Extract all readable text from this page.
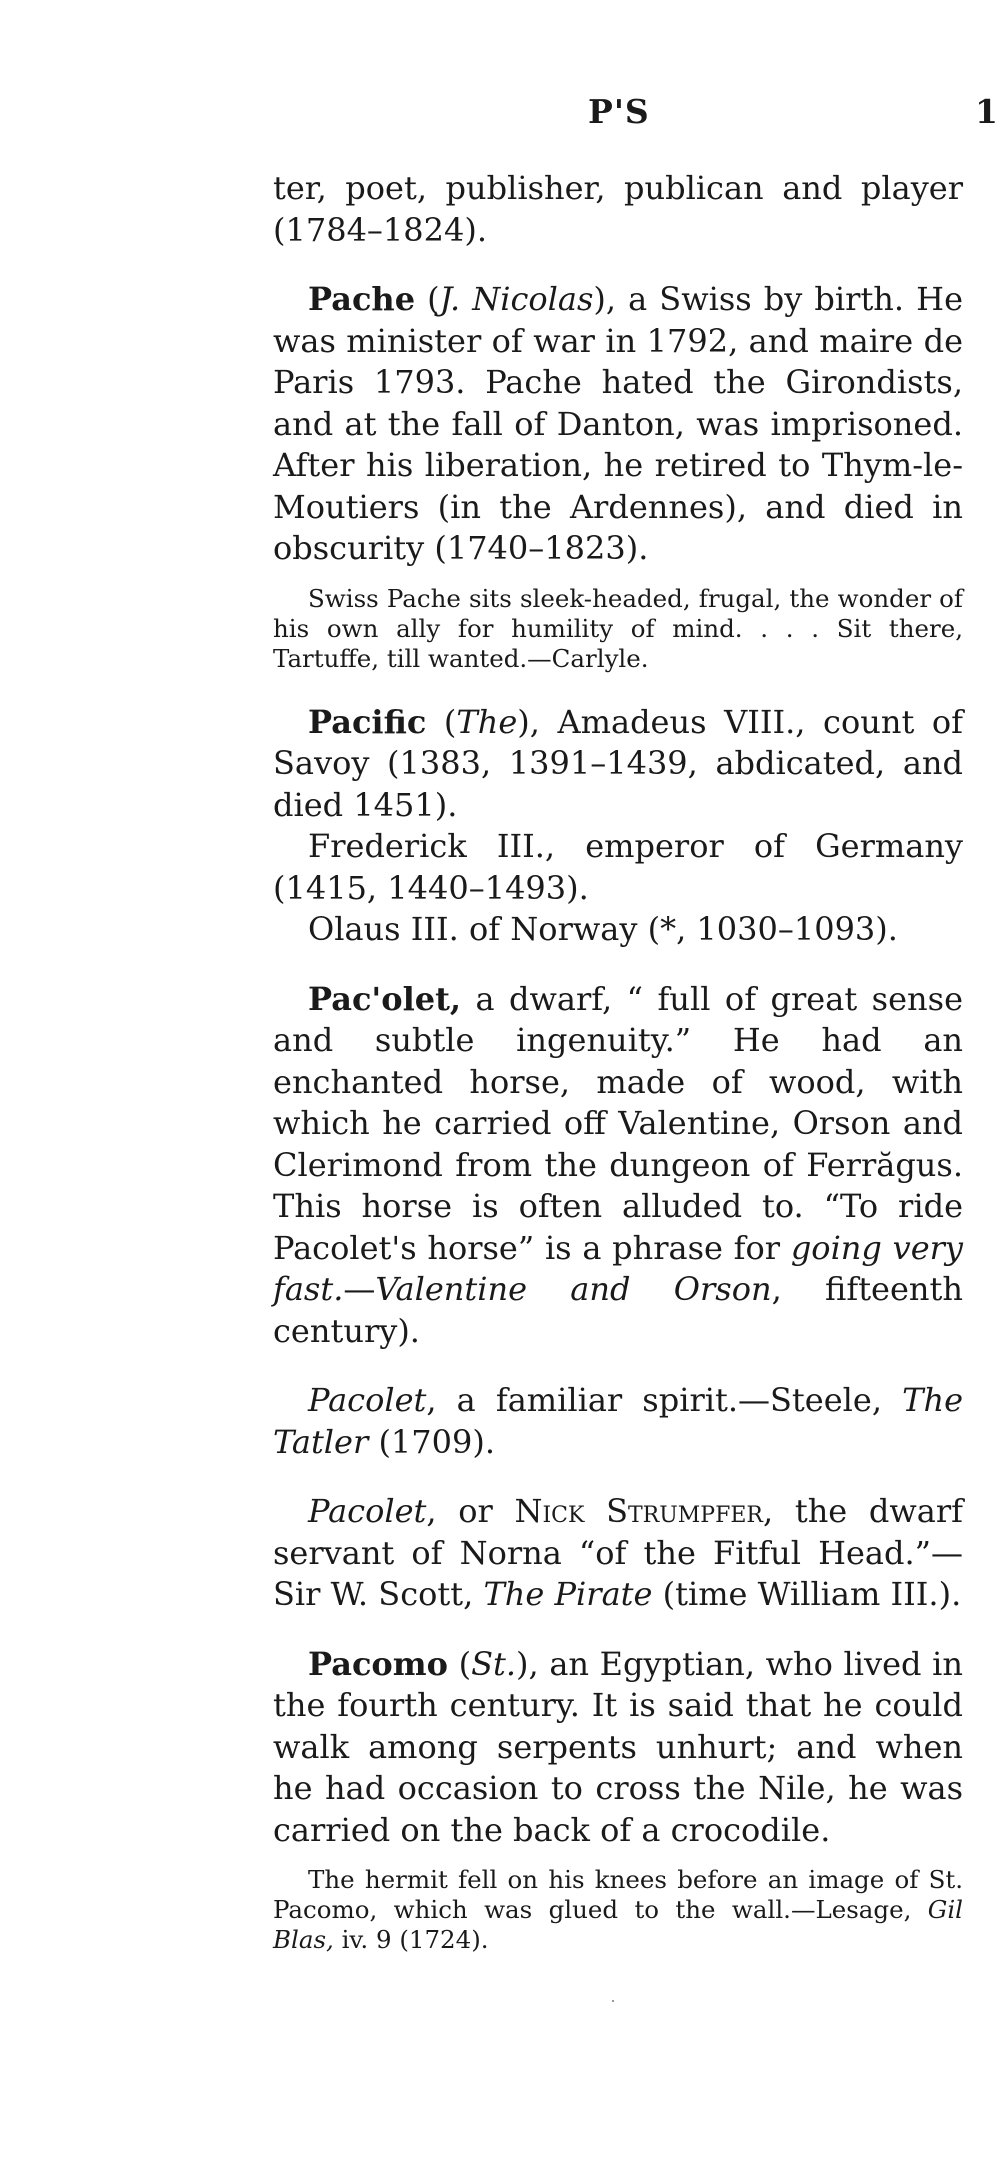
P'S	1

ter, poet, publisher, publican and player (1784–1824).

Pache (J. Nicolas), a Swiss by birth. He was minister of war in 1792, and maire de Paris 1793. Pache hated the Girondists, and at the fall of Danton, was imprisoned. After his liberation, he retired to Thym-le-Moutiers (in the Ardennes), and died in obscurity (1740–1823).

Swiss Pache sits sleek-headed, frugal, the wonder of his own ally for humility of mind. . . . Sit there, Tartuffe, till wanted.—Carlyle.

Pacific (The), Amadeus VIII., count of Savoy (1383, 1391–1439, abdicated, and died 1451).

Frederick III., emperor of Germany (1415, 1440–1493).

Olaus III. of Norway (*, 1030–1093).

Pac'olet, a dwarf, “ full of great sense and subtle ingenuity.” He had an enchanted horse, made of wood, with which he carried off Valentine, Orson and Clerimond from the dungeon of Ferrăgus. This horse is often alluded to. “To ride Pacolet's horse” is a phrase for going very fast.—Valentine and Orson, fifteenth century).

Pacolet, a familiar spirit.—Steele, The Tatler (1709).

Pacolet, or Nick Strumpfer, the dwarf servant of Norna “of the Fitful Head.”—Sir W. Scott, The Pirate (time William III.).

Pacomo (St.), an Egyptian, who lived in the fourth century. It is said that he could walk among serpents unhurt; and when he had occasion to cross the Nile, he was carried on the back of a crocodile.

The hermit fell on his knees before an image of St. Pacomo, which was glued to the wall.—Lesage, Gil Blas, iv. 9 (1724).
